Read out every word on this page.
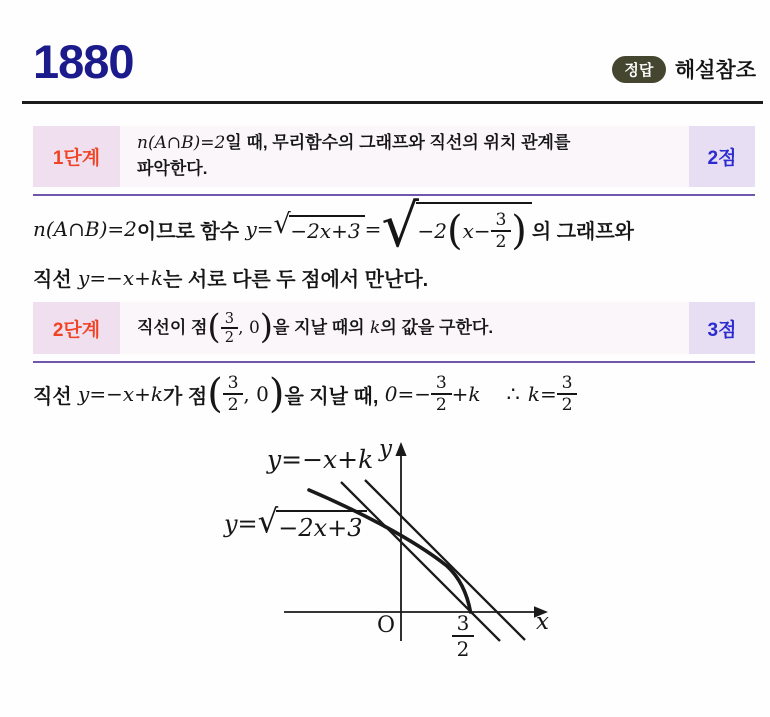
1880	정답	해설참조
1단계
n(A∩B)=2 일 때, 무리함수의 그래프와 직선의 위치 관계를
파악한다.	2점
n(A∩B)=2 이므로 함수 y= √ −2x+3 = √
−2 ( $x- \frac{3}{2}$ ) 의 그래프와
직선 y=−x+k 는 서로 다른 두 점에서 만난다.
2단계 직선이 점 ( $\frac{3}{2}$ , 0 ) 을 지날 때의 k 의 값을 구한다.	3점
직선 y=−x+k 가 점 ( $\frac{3}{2}$ , 0 ) 을 지날 때, $0=- \frac{3}{2} +k$ ∴ $k= \frac{3}{2}$
y=−x+k
y= √ −2x+3
y
x
O	3
2
